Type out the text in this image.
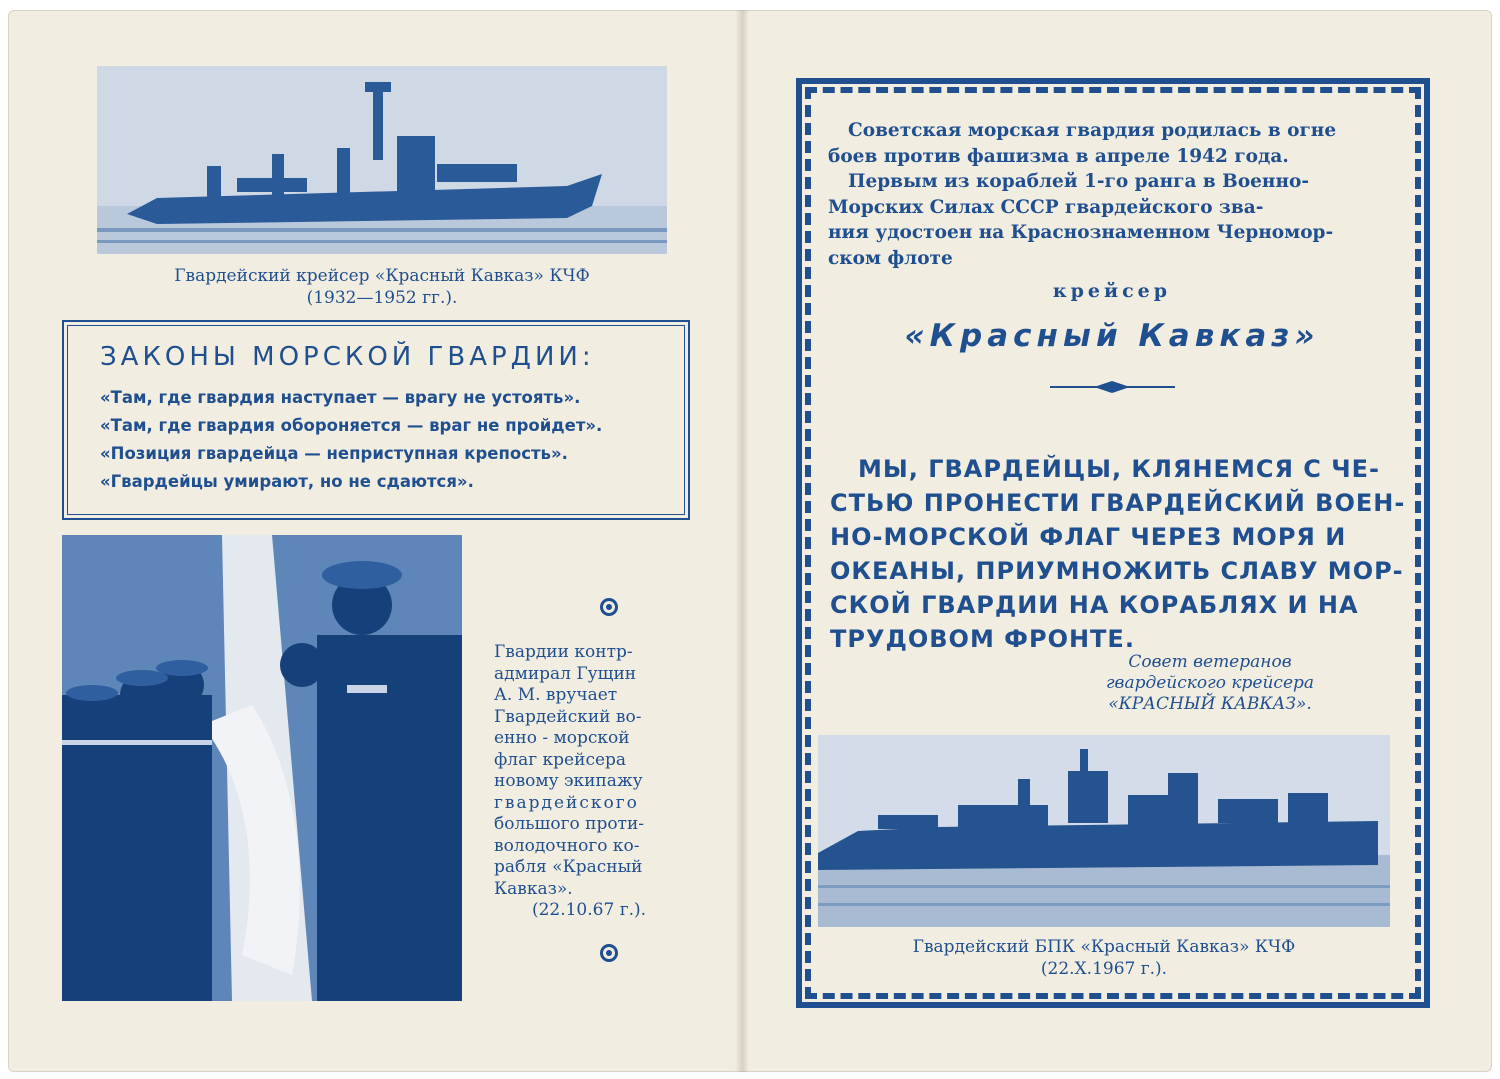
Гвардейский крейсер «Красный Кавказ» КЧФ
(1932—1952 гг.).
ЗАКОНЫ МОРСКОЙ ГВАРДИИ:
«Там, где гвардия наступает — врагу не устоять».
«Там, где гвардия обороняется — враг не пройдет».
«Позиция гвардейца — неприступная крепость».
«Гвардейцы умирают, но не сдаются».
Гвардии контр-
адмирал Гущин
А. М. вручает
Гвардейский во-
енно - морской
флаг крейсера
новому экипажу
гвардейского
большого проти-
володочного ко-
рабля «Красный
Кавказ».
(22.10.67 г.).
Советская морская гвардия родилась в огне
боев против фашизма в апреле 1942 года.
Первым из кораблей 1-го ранга в Военно-
Морских Силах СССР гвардейского зва-
ния удостоен на Краснознаменном Черномор-
ском флоте
крейсер
«Красный Кавказ»
МЫ, ГВАРДЕЙЦЫ, КЛЯНЕМСЯ С ЧЕ-
СТЬЮ ПРОНЕСТИ ГВАРДЕЙСКИЙ ВОЕН-
НО-МОРСКОЙ ФЛАГ ЧЕРЕЗ МОРЯ И
ОКЕАНЫ, ПРИУМНОЖИТЬ СЛАВУ МОР-
СКОЙ ГВАРДИИ НА КОРАБЛЯХ И НА
ТРУДОВОМ ФРОНТЕ.
Совет ветеранов
гвардейского крейсера
«КРАСНЫЙ КАВКАЗ».
Гвардейский БПК «Красный Кавказ» КЧФ
(22.X.1967 г.).
